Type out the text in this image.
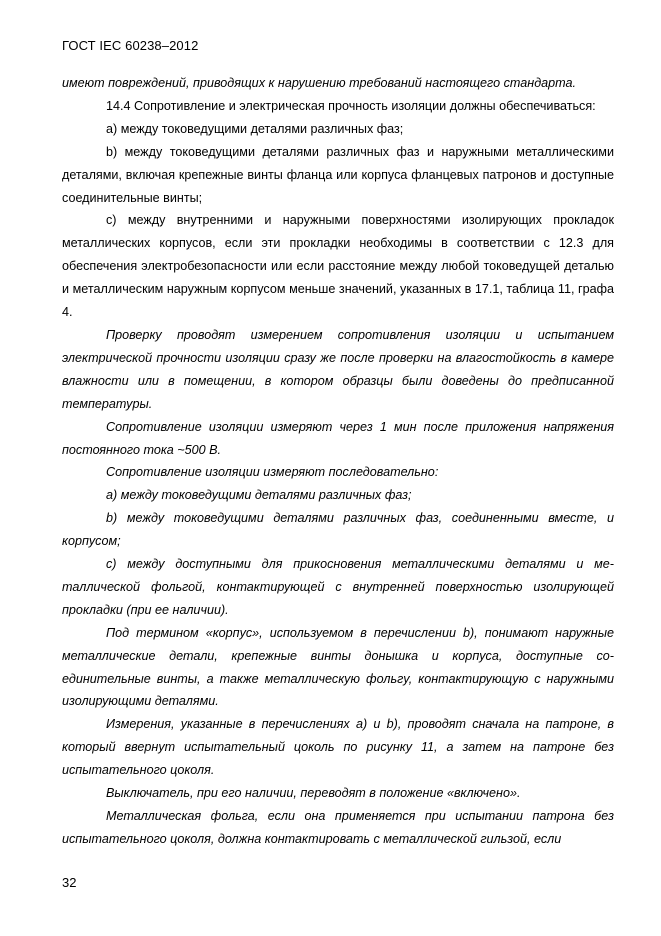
ГОСТ IEC 60238–2012

имеют повреждений, приводящих к нарушению требований настоящего стандарта.

14.4 Сопротивление и электрическая прочность изоляции должны обеспечиваться:

a) между токоведущими деталями различных фаз;

b) между токоведущими деталями различных фаз и наружными металлическими деталями, включая крепежные винты фланца или корпуса фланцевых патронов и доступные соединительные винты;

c) между внутренними и наружными поверхностями изолирующих прокладок металлических корпусов, если эти прокладки необходимы в соответствии с 12.3 для обеспечения электробезопасности или если расстояние между любой токоведущей деталью и металлическим наружным корпусом меньше значений, указанных в 17.1, таблица 11, графа 4.

Проверку проводят измерением сопротивления изоляции и испытанием электрической прочности изоляции сразу же после проверки на влагостойкость в камере влажности или в помещении, в котором образцы были доведены до предписанной температуры.

Сопротивление изоляции измеряют через 1 мин после приложения напряжения постоянного тока ~500 В.

Сопротивление изоляции измеряют последовательно:

a) между токоведущими деталями различных фаз;

b) между токоведущими деталями различных фаз, соединенными вместе, и корпусом;

c) между доступными для прикосновения металлическими деталями и металлической фольгой, контактирующей с внутренней поверхностью изолирующей прокладки (при ее наличии).

Под термином «корпус», используемом в перечислении b), понимают наружные металлические детали, крепежные винты донышка и корпуса, доступные соединительные винты, а также металлическую фольгу, контактирующую с наружными изолирующими деталями.

Измерения, указанные в перечислениях a) и b), проводят сначала на патроне, в который ввернут испытательный цоколь по рисунку 11, а затем на патроне без испытательного цоколя.

Выключатель, при его наличии, переводят в положение «включено».

Металлическая фольга, если она применяется при испытании патрона без испытательного цоколя, должна контактировать с металлической гильзой, если

32
